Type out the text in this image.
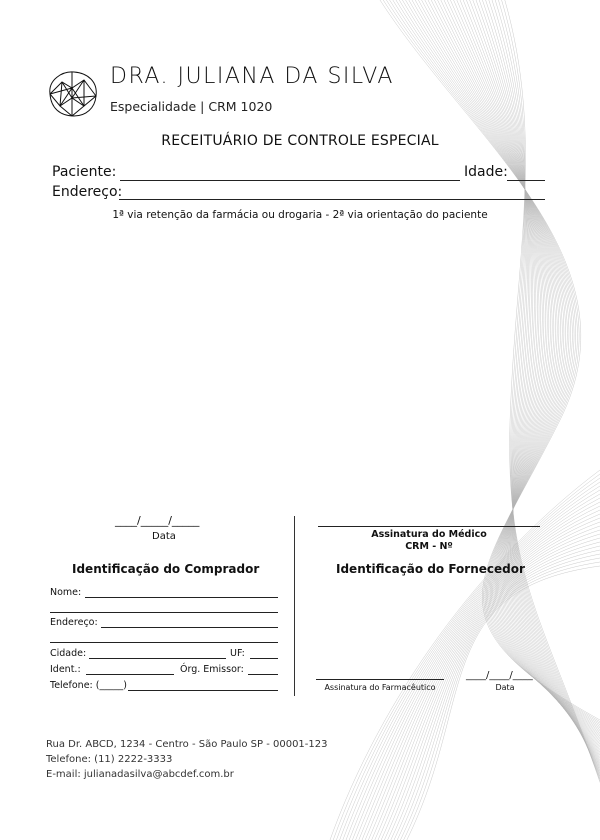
DRA. JULIANA DA SILVA
Especialidade | CRM 1020
RECEITUÁRIO DE CONTROLE ESPECIAL
Paciente:	Idade:
Endereço:
1ª via retenção da farmácia ou drogaria - 2ª via orientação do paciente
____/_____/_____
Data	Assinatura do Médico
CRM - Nº
Identificação do Comprador
Nome:
Endereço:
Cidade:	UF:
Ident.:	Órg. Emissor:
Telefone: (_____)
Identificação do Fornecedor
Assinatura do Farmacêutico
____/____/____
Data
Rua Dr. ABCD, 1234 - Centro - São Paulo SP - 00001-123
Telefone: (11) 2222-3333
E-mail: julianadasilva@abcdef.com.br
